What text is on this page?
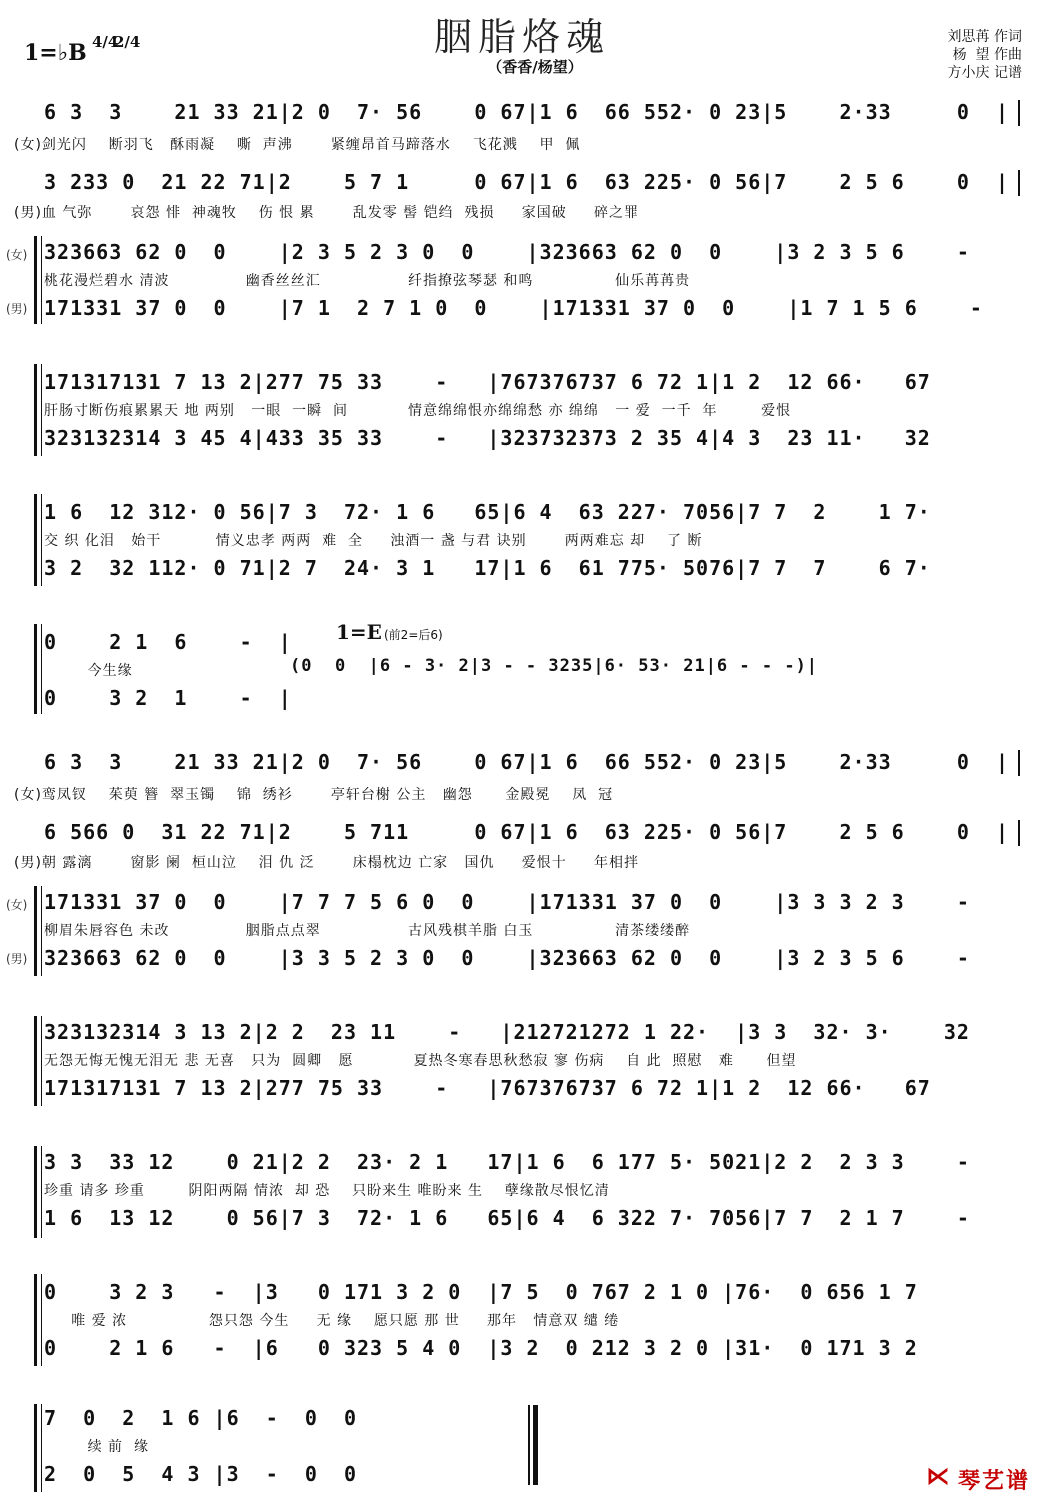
胭脂烙魂
（香香/杨望）
1=♭B 4/4
2/4	刘思苒 作词
杨  望 作曲
方小庆 记谱
(女)
(男)
(女)
(男)
6 3  3    21 33 21|2 0  7· 56    0 67|1 6  66 552· 0 23|5    2·33     0  |
(女)剑光闪    断羽飞   酥雨凝    嘶  声沸       紧缠昂首马蹄落水    飞花溅    甲  佩
3 233 0  21 22 71|2    5 7 1     0 67|1 6  63 225· 0 56|7    2 5 6    0  |
(男)血 气弥       哀怨 悱  神魂牧    伤 恨 累       乱发零 髻 铠绉  残损     家国破     碎之罪
323663 62 0  0    |2 3 5 2 3 0  0    |323663 62 0  0    |3 2 3 5 6    -
桃花漫烂碧水 清波              幽香丝丝汇                纤指撩弦琴瑟 和鸣               仙乐苒苒贵
171331 37 0  0    |7 1  2 7 1 0  0    |171331 37 0  0    |1 7 1 5 6    -
171317131 7 13 2|277 75 33    -   |767376737 6 72 1|1 2  12 66·   67
肝肠寸断伤痕累累天 地 两别   一眼  一瞬  间           情意绵绵恨亦绵绵愁 亦 绵绵   一 爱  一千  年        爱恨
323132314 3 45 4|433 35 33    -   |323732373 2 35 4|4 3  23 11·   32
1 6  12 312· 0 56|7 3  72· 1 6   65|6 4  63 227· 7056|7 7  2    1 7·
交 织 化泪   始干          情义忠孝 两两  难  全     浊酒一 盏 与君 诀别       两两难忘 却    了 断
3 2  32 112· 0 71|2 7  24· 3 1   17|1 6  61 775· 5076|7 7  7    6 7·
0    2 1  6    -  |
今生缘
1=E (前2=后6)
(0  0  |6 - 3· 2|3 - - 3235|6· 53· 21|6 - - -)|
0    3 2  1    -  |
6 3  3    21 33 21|2 0  7· 56    0 67|1 6  66 552· 0 23|5    2·33     0  |
(女)鸾凤钗    茱萸 簪  翠玉镯    锦  绣衫       亭轩台榭 公主   幽怨      金殿冕    凤  冠
6 566 0  31 22 71|2    5 711     0 67|1 6  63 225· 0 56|7    2 5 6    0  |
(男)朝 露漓       窗影 阑  桓山泣    泪 仇 泛       床榻枕边 亡家   国仇     爱恨十     年相拌
171331 37 0  0    |7 7 7 5 6 0  0    |171331 37 0  0    |3 3 3 2 3    -
柳眉朱唇容色 未改              胭脂点点翠                古风残棋羊脂 白玉               清茶缕缕醉
323663 62 0  0    |3 3 5 2 3 0  0    |323663 62 0  0    |3 2 3 5 6    -
323132314 3 13 2|2 2  23 11    -   |212721272 1 22·  |3 3  32· 3·    32
无怨无悔无愧无泪无 悲 无喜   只为  圆卿   愿           夏热冬寒春思秋愁寂 寥 伤病    自 此  照慰   难      但望
171317131 7 13 2|277 75 33    -   |767376737 6 72 1|1 2  12 66·   67
3 3  33 12    0 21|2 2  23· 2 1   17|1 6  6 177 5· 5021|2 2  2 3 3    -
珍重 请多 珍重        阴阳两隔 情浓  却 恐    只盼来生 唯盼来 生    孽缘散尽恨忆清
1 6  13 12    0 56|7 3  72· 1 6   65|6 4  6 322 7· 7056|7 7  2 1 7    -
0    3 2 3   -  |3   0 171 3 2 0  |7 5  0 767 2 1 0 |76·  0 656 1 7
唯 爱 浓               怨只怨 今生     无 缘    愿只愿 那 世     那年   情意双 缱 绻
0    2 1 6   -  |6   0 323 5 4 0  |3 2  0 212 3 2 0 |31·  0 171 3 2
7  0  2  1 6 |6  -  0  0
续 前  缘
2  0  5  4 3 |3  -  0  0	⋉ 琴艺谱
